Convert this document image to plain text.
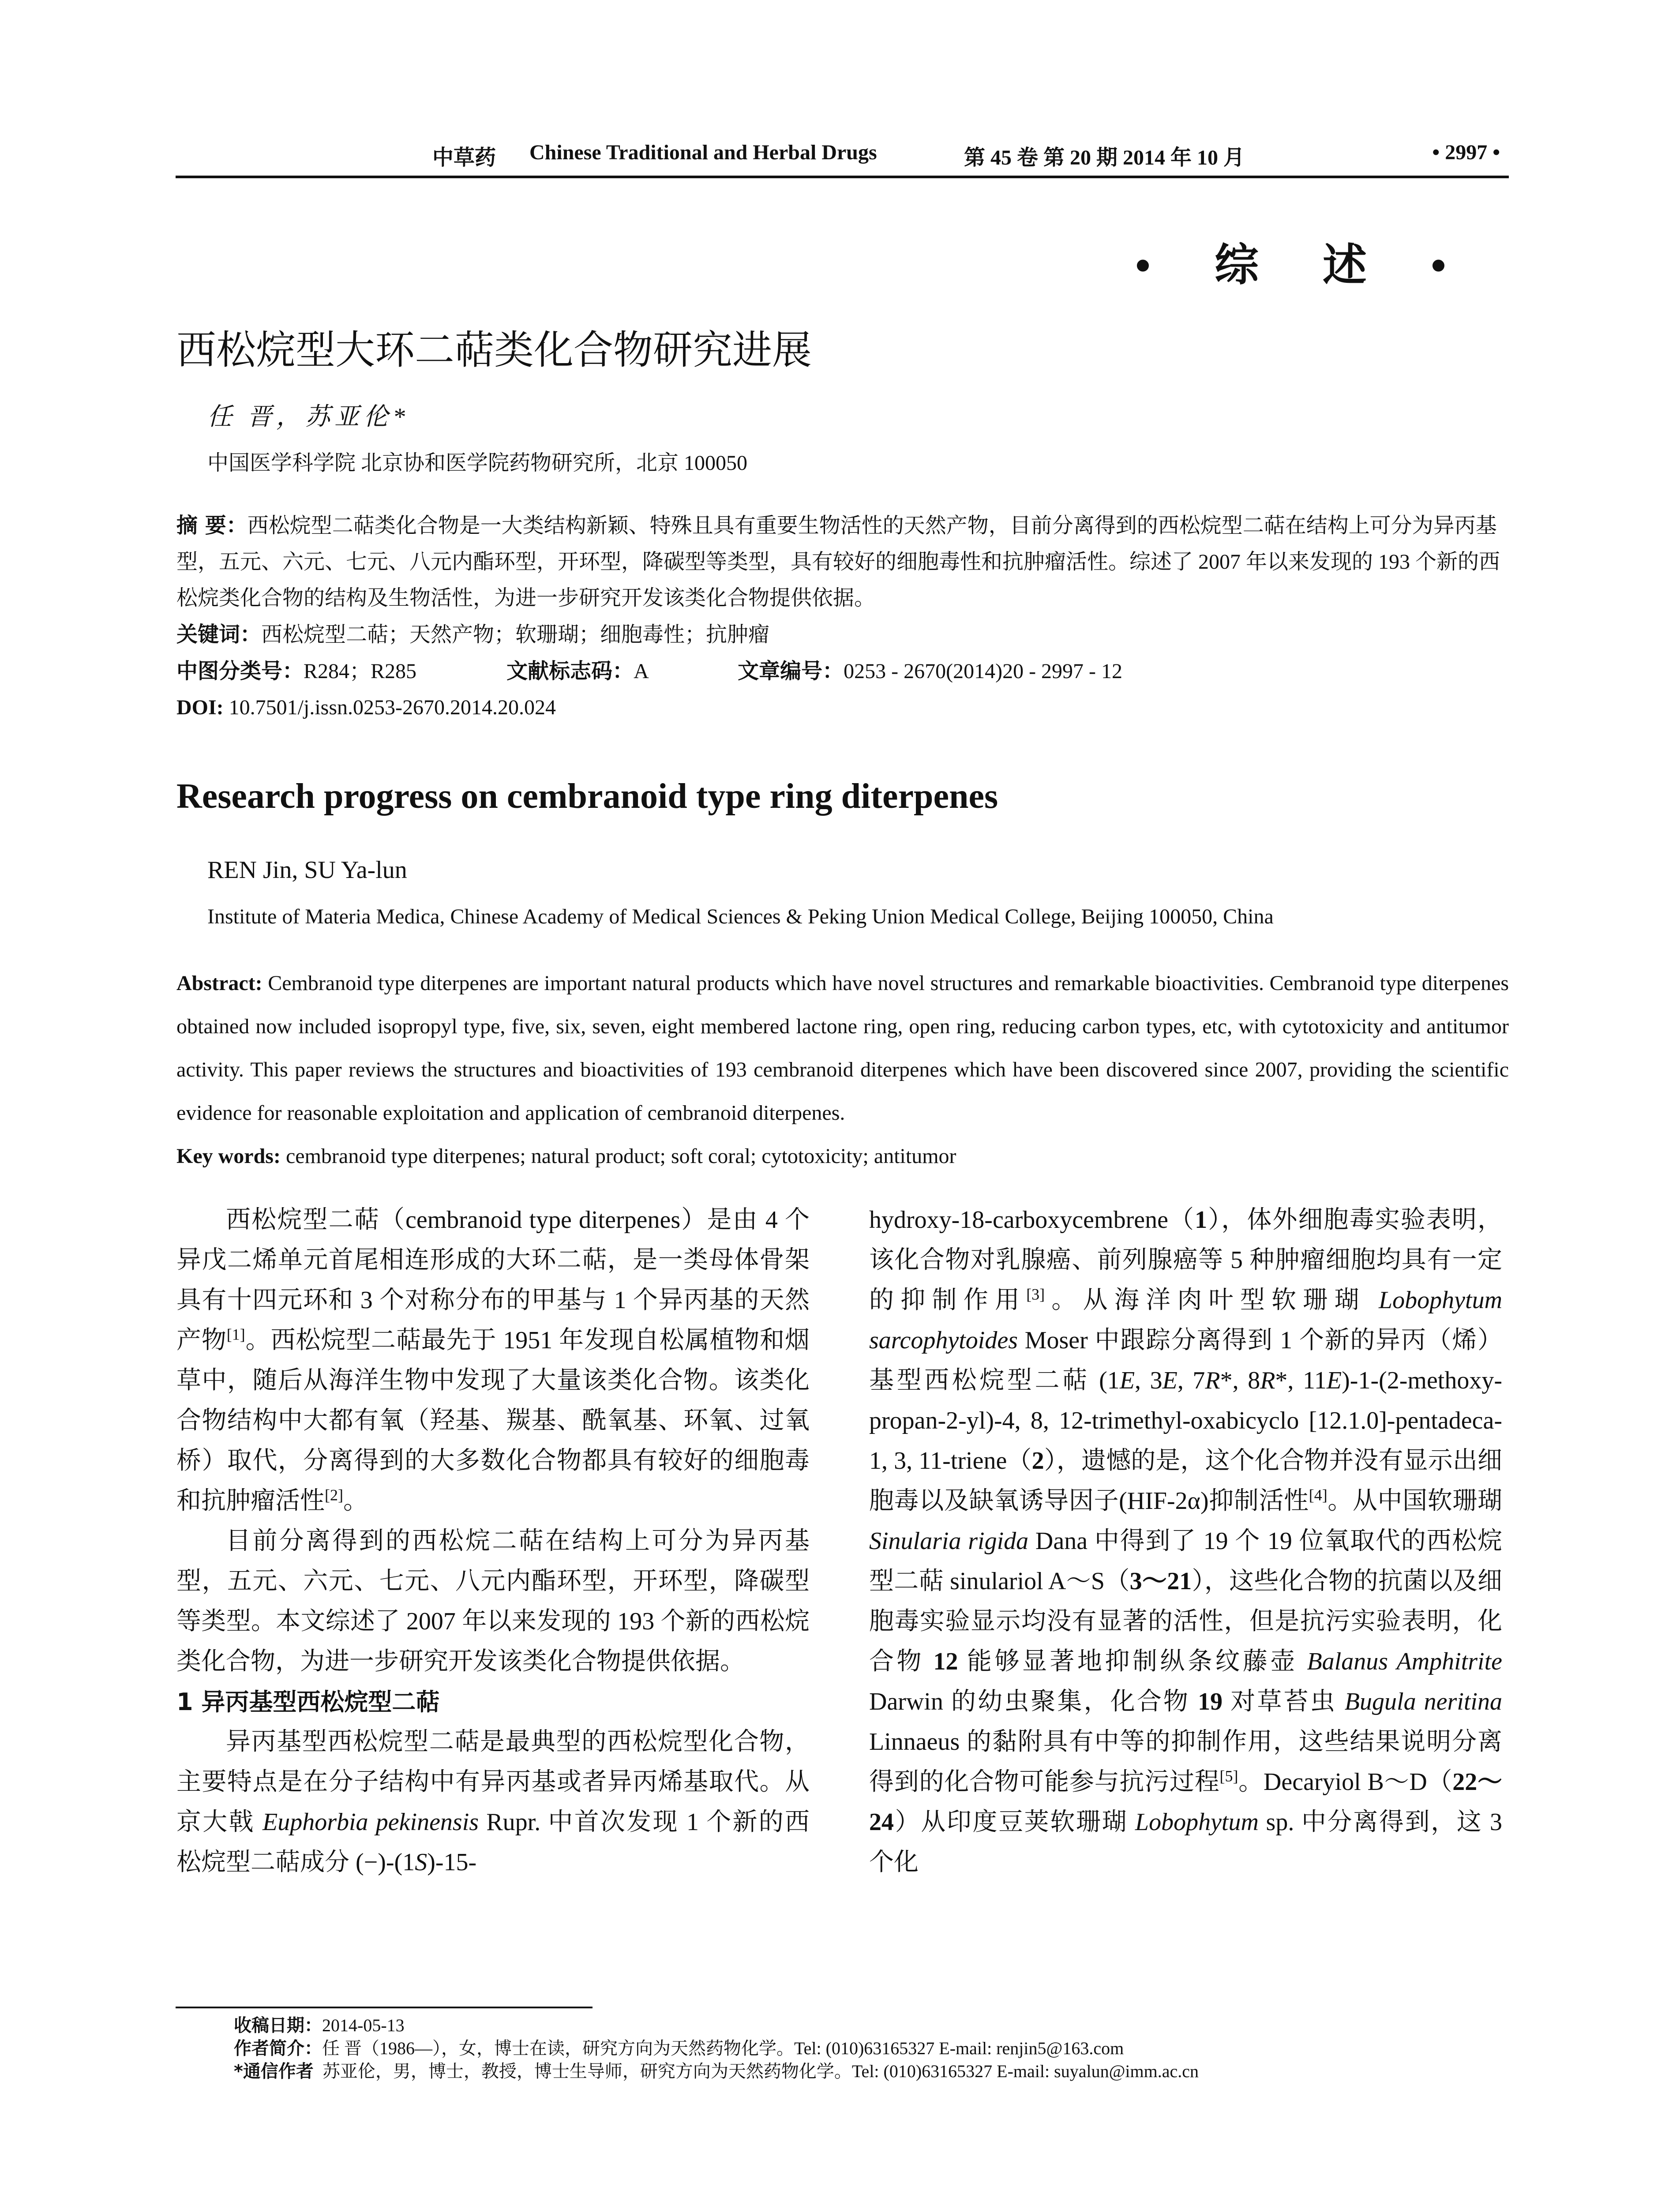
中草药 Chinese Traditional and Herbal Drugs	第 45 卷 第 20 期 2014 年 10 月	• 2997 •
• 综 述 •
西松烷型大环二萜类化合物研究进展
任 晋，苏亚伦*
中国医学科学院 北京协和医学院药物研究所，北京 100050
摘 要：西松烷型二萜类化合物是一大类结构新颖、特殊且具有重要生物活性的天然产物，目前分离得到的西松烷型二萜在结构上可分为异丙基型，五元、六元、七元、八元内酯环型，开环型，降碳型等类型，具有较好的细胞毒性和抗肿瘤活性。综述了 2007 年以来发现的 193 个新的西松烷类化合物的结构及生物活性，为进一步研究开发该类化合物提供依据。
关键词：西松烷型二萜；天然产物；软珊瑚；细胞毒性；抗肿瘤
中图分类号：R284；R285	文献标志码：A	文章编号：0253 - 2670(2014)20 - 2997 - 12
DOI: 10.7501/j.issn.0253-2670.2014.20.024
Research progress on cembranoid type ring diterpenes
REN Jin, SU Ya-lun
Institute of Materia Medica, Chinese Academy of Medical Sciences & Peking Union Medical College, Beijing 100050, China
Abstract: Cembranoid type diterpenes are important natural products which have novel structures and remarkable bioactivities. Cembranoid type diterpenes obtained now included isopropyl type, five, six, seven, eight membered lactone ring, open ring, reducing carbon types, etc, with cytotoxicity and antitumor activity. This paper reviews the structures and bioactivities of 193 cembranoid diterpenes which have been discovered since 2007, providing the scientific evidence for reasonable exploitation and application of cembranoid diterpenes.
Key words: cembranoid type diterpenes; natural product; soft coral; cytotoxicity; antitumor

西松烷型二萜（cembranoid type diterpenes）是由 4 个异戊二烯单元首尾相连形成的大环二萜，是一类母体骨架具有十四元环和 3 个对称分布的甲基与 1 个异丙基的天然产物[1]。西松烷型二萜最先于 1951 年发现自松属植物和烟草中，随后从海洋生物中发现了大量该类化合物。该类化合物结构中大都有氧（羟基、羰基、酰氧基、环氧、过氧桥）取代，分离得到的大多数化合物都具有较好的细胞毒和抗肿瘤活性[2]。

目前分离得到的西松烷二萜在结构上可分为异丙基型，五元、六元、七元、八元内酯环型，开环型，降碳型等类型。本文综述了 2007 年以来发现的 193 个新的西松烷类化合物，为进一步研究开发该类化合物提供依据。

1 异丙基型西松烷型二萜

异丙基型西松烷型二萜是最典型的西松烷型化合物，主要特点是在分子结构中有异丙基或者异丙烯基取代。从京大戟 Euphorbia pekinensis Rupr. 中首次发现 1 个新的西松烷型二萜成分 (−)-(1S)-15-

hydroxy-18-carboxycembrene（1），体外细胞毒实验表明，该化合物对乳腺癌、前列腺癌等 5 种肿瘤细胞均具有一定的抑制作用[3]。从海洋肉叶型软珊瑚 Lobophytum sarcophytoides Moser 中跟踪分离得到 1 个新的异丙（烯）基型西松烷型二萜 (1E, 3E, 7R*, 8R*, 11E)-1-(2-methoxy-propan-2-yl)-4, 8, 12-trimethyl-oxabicyclo [12.1.0]-pentadeca-1, 3, 11-triene（2），遗憾的是，这个化合物并没有显示出细胞毒以及缺氧诱导因子(HIF-2α)抑制活性[4]。从中国软珊瑚 Sinularia rigida Dana 中得到了 19 个 19 位氧取代的西松烷型二萜 sinulariol A～S（3～21），这些化合物的抗菌以及细胞毒实验显示均没有显著的活性，但是抗污实验表明，化合物 12 能够显著地抑制纵条纹藤壶 Balanus Amphitrite Darwin 的幼虫聚集，化合物 19 对草苔虫 Bugula neritina Linnaeus 的黏附具有中等的抑制作用，这些结果说明分离得到的化合物可能参与抗污过程[5]。Decaryiol B～D（22～24）从印度豆荚软珊瑚 Lobophytum sp. 中分离得到，这 3 个化

收稿日期：2014-05-13
作者简介：任 晋（1986—），女，博士在读，研究方向为天然药物化学。Tel: (010)63165327 E-mail: renjin5@163.com
*通信作者 苏亚伦，男，博士，教授，博士生导师，研究方向为天然药物化学。Tel: (010)63165327 E-mail: suyalun@imm.ac.cn
